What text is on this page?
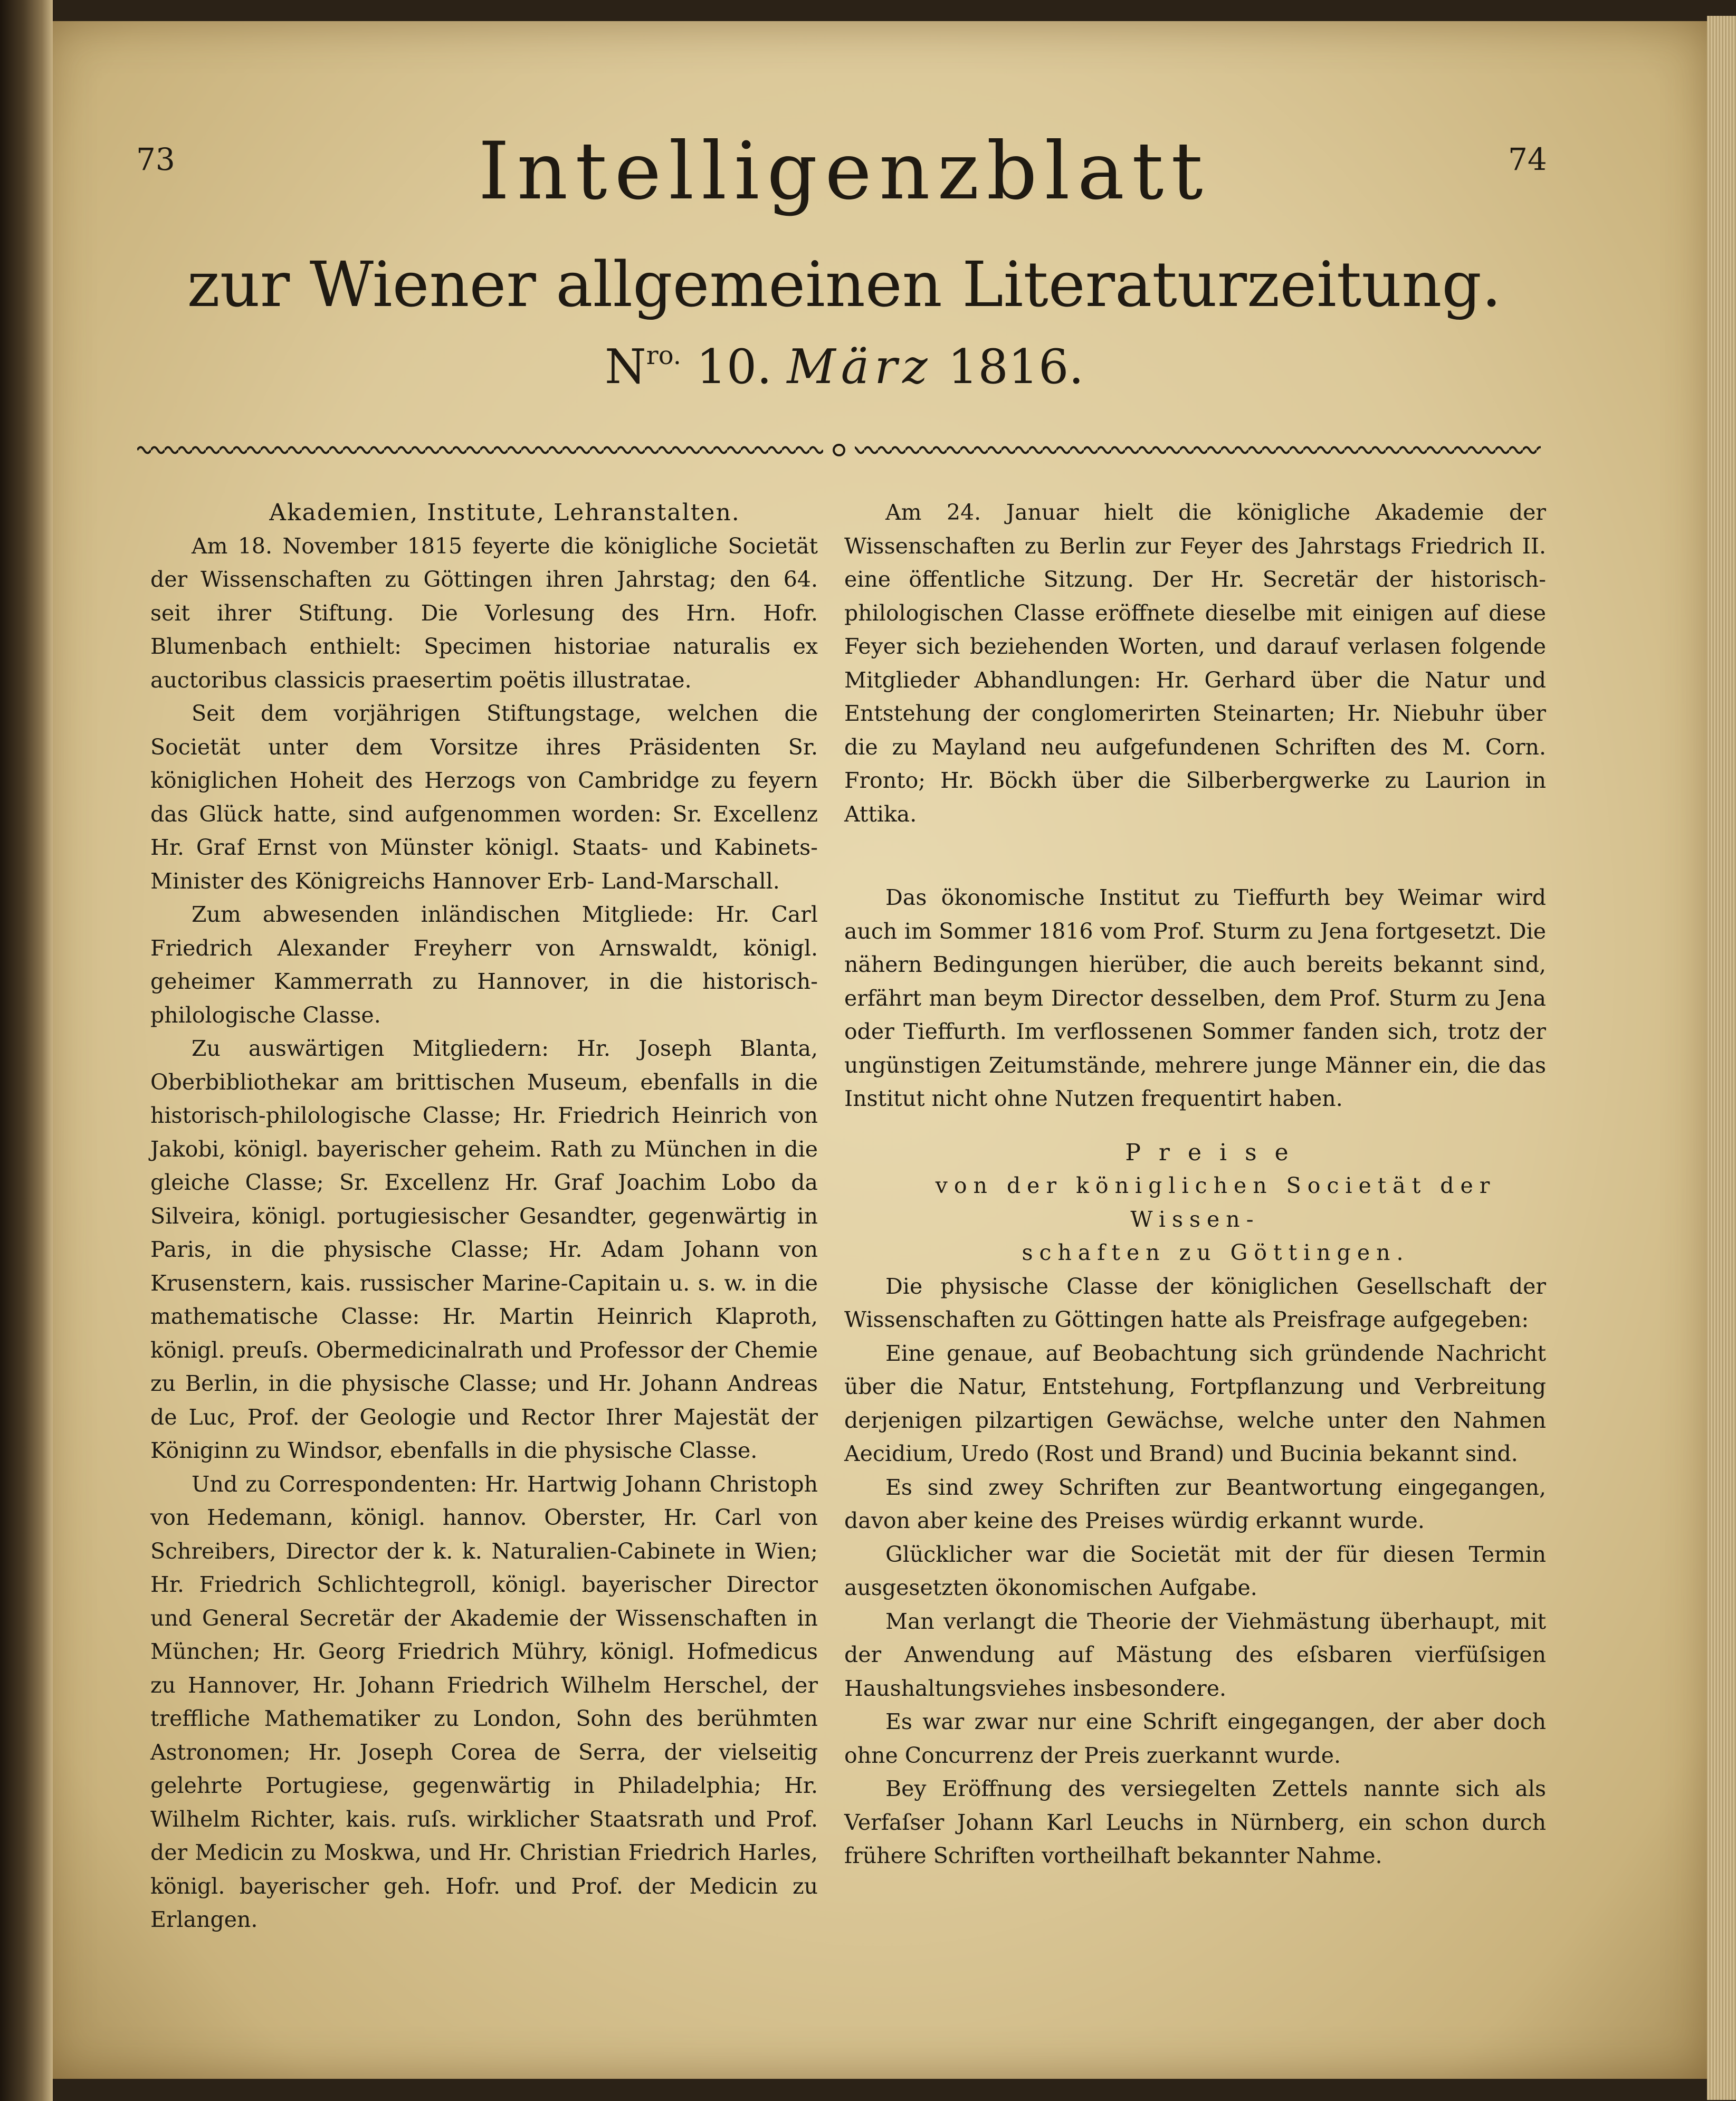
73	74
Intelligenzblatt
zur Wiener allgemeinen Literaturzeitung.
$N^{ro.}$ 10. März 1816.

Akademien, Institute, Lehranstalten.

Am 18. November 1815 feyerte die königliche Societät der Wissenschaften zu Göttingen ihren Jahrstag; den 64. seit ihrer Stiftung. Die Vorlesung des Hrn. Hofr. Blumenbach enthielt: Specimen historiae naturalis ex auctoribus classicis praesertim poëtis illustratae.

Seit dem vorjährigen Stiftungstage, welchen die Societät unter dem Vorsitze ihres Präsidenten Sr. königlichen Hoheit des Herzogs von Cambridge zu feyern das Glück hatte, sind aufgenommen worden: Sr. Excellenz Hr. Graf Ernst von Münster königl. Staats- und Kabinets-Minister des Königreichs Hannover Erb- Land-Marschall.

Zum abwesenden inländischen Mitgliede: Hr. Carl Friedrich Alexander Freyherr von Arnswaldt, königl. geheimer Kammerrath zu Hannover, in die historisch-philologische Classe.

Zu auswärtigen Mitgliedern: Hr. Joseph Blanta, Oberbibliothekar am brittischen Museum, ebenfalls in die historisch-philologische Classe; Hr. Friedrich Heinrich von Jakobi, königl. bayerischer geheim. Rath zu München in die gleiche Classe; Sr. Excellenz Hr. Graf Joachim Lobo da Silveira, königl. portugiesischer Gesandter, gegenwärtig in Paris, in die physische Classe; Hr. Adam Johann von Krusenstern, kais. russischer Marine-Capitain u. s. w. in die mathematische Classe: Hr. Martin Heinrich Klaproth, königl. preuſs. Obermedicinalrath und Professor der Chemie zu Berlin, in die physische Classe; und Hr. Johann Andreas de Luc, Prof. der Geologie und Rector Ihrer Majestät der Königinn zu Windsor, ebenfalls in die physische Classe.

Und zu Correspondenten: Hr. Hartwig Johann Christoph von Hedemann, königl. hannov. Oberster, Hr. Carl von Schreibers, Director der k. k. Naturalien-Cabinete in Wien; Hr. Friedrich Schlichtegroll, königl. bayerischer Director und General Secretär der Akademie der Wissenschaften in München; Hr. Georg Friedrich Mühry, königl. Hofmedicus zu Hannover, Hr. Johann Friedrich Wilhelm Herschel, der treffliche Mathematiker zu London, Sohn des berühmten Astronomen; Hr. Joseph Corea de Serra, der vielseitig gelehrte Portugiese, gegenwärtig in Philadelphia; Hr. Wilhelm Richter, kais. ruſs. wirklicher Staatsrath und Prof. der Medicin zu Moskwa, und Hr. Christian Friedrich Harles, königl. bayerischer geh. Hofr. und Prof. der Medicin zu Erlangen.

Am 24. Januar hielt die königliche Akademie der Wissenschaften zu Berlin zur Feyer des Jahrstags Friedrich II. eine öffentliche Sitzung. Der Hr. Secretär der historisch-philologischen Classe eröffnete dieselbe mit einigen auf diese Feyer sich beziehenden Worten, und darauf verlasen folgende Mitglieder Abhandlungen: Hr. Gerhard über die Natur und Entstehung der conglomerirten Steinarten; Hr. Niebuhr über die zu Mayland neu aufgefundenen Schriften des M. Corn. Fronto; Hr. Böckh über die Silberbergwerke zu Laurion in Attika.

Das ökonomische Institut zu Tieffurth bey Weimar wird auch im Sommer 1816 vom Prof. Sturm zu Jena fortgesetzt. Die nähern Bedingungen hierüber, die auch bereits bekannt sind, erfährt man beym Director desselben, dem Prof. Sturm zu Jena oder Tieffurth. Im verflossenen Sommer fanden sich, trotz der ungünstigen Zeitumstände, mehrere junge Männer ein, die das Institut nicht ohne Nutzen frequentirt haben.

Preise

von der königlichen Societät der Wissen-

schaften zu Göttingen.

Die physische Classe der königlichen Gesellschaft der Wissenschaften zu Göttingen hatte als Preisfrage aufgegeben:

Eine genaue, auf Beobachtung sich gründende Nachricht über die Natur, Entstehung, Fortpflanzung und Verbreitung derjenigen pilzartigen Gewächse, welche unter den Nahmen Aecidium, Uredo (Rost und Brand) und Bucinia bekannt sind.

Es sind zwey Schriften zur Beantwortung eingegangen, davon aber keine des Preises würdig erkannt wurde.

Glücklicher war die Societät mit der für diesen Termin ausgesetzten ökonomischen Aufgabe.

Man verlangt die Theorie der Viehmästung überhaupt, mit der Anwendung auf Mästung des eſsbaren vierfüſsigen Haushaltungsviehes insbesondere.

Es war zwar nur eine Schrift eingegangen, der aber doch ohne Concurrenz der Preis zuerkannt wurde.

Bey Eröffnung des versiegelten Zettels nannte sich als Verfaſser Johann Karl Leuchs in Nürnberg, ein schon durch frühere Schriften vortheilhaft bekannter Nahme.
